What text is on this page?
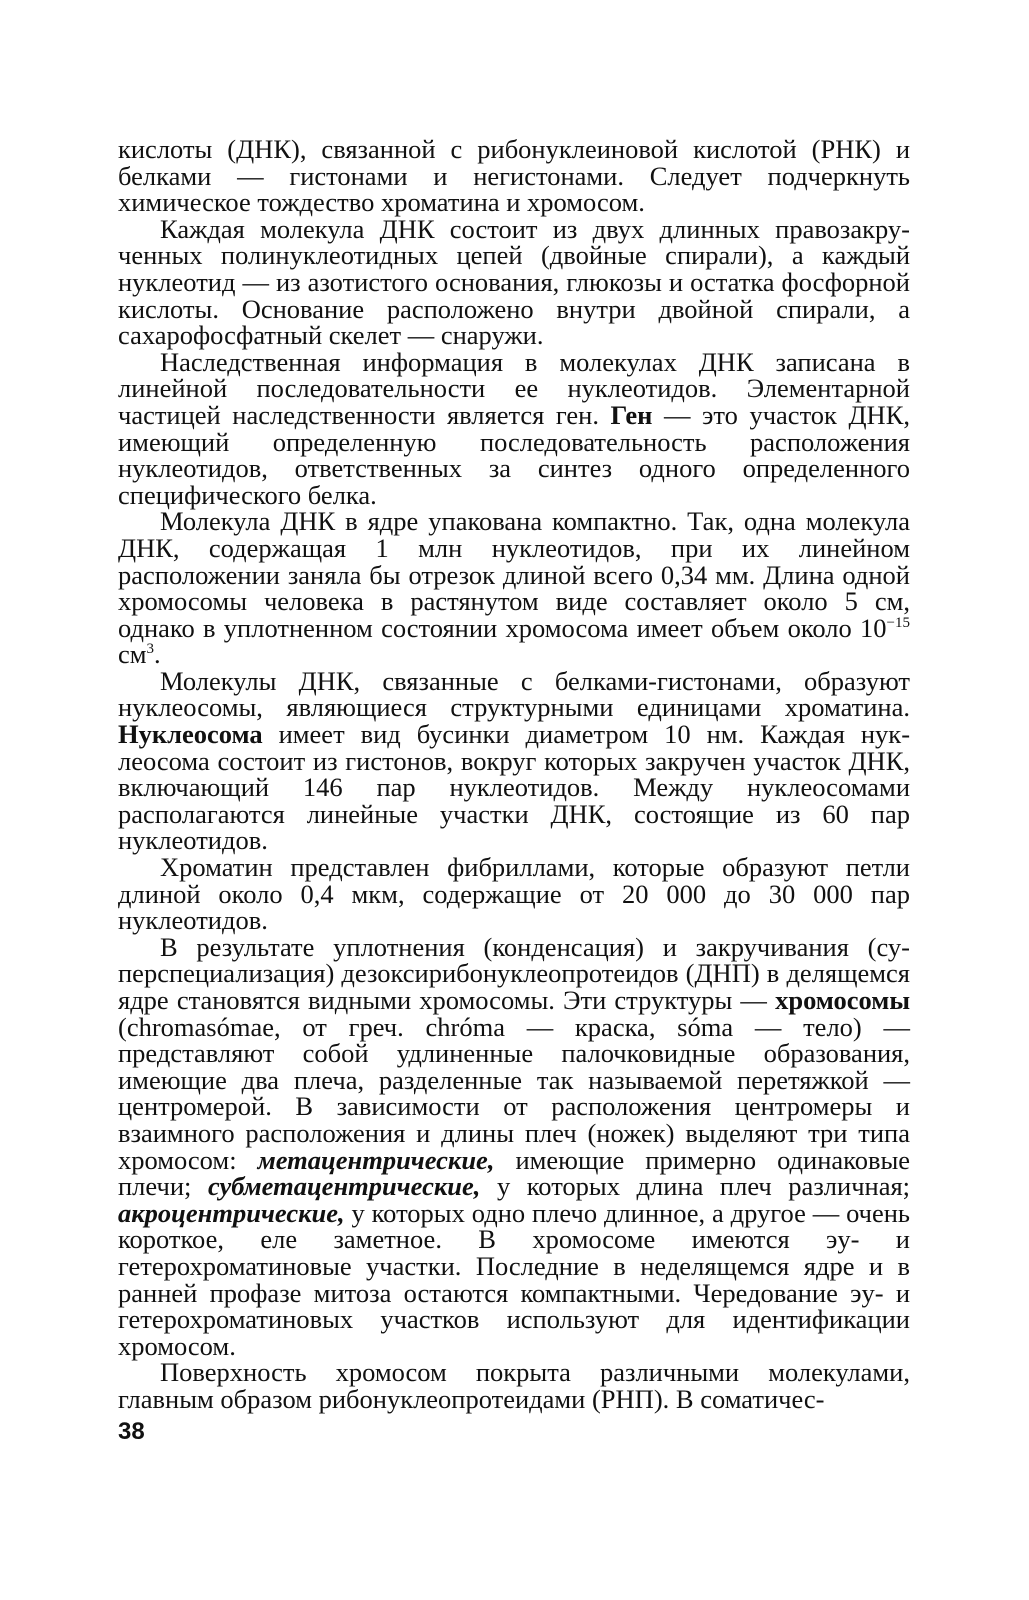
кислоты (ДНК), связанной с рибонуклеиновой кислотой (РНК) и белками — гистонами и негистонами. Следует подчеркнуть химическое тождество хроматина и хромосом.

Каждая молекула ДНК состоит из двух длинных правозакрученных полинуклеотидных цепей (двойные спирали), а каждый нуклеотид — из азотистого основания, глюкозы и остатка фосфорной кислоты. Основание расположено внутри двойной спирали, а сахарофосфатный скелет — снаружи.

Наследственная информация в молекулах ДНК записана в линейной последовательности ее нуклеотидов. Элементарной частицей наследственности является ген. Ген — это участок ДНК, имеющий определенную последовательность расположения нуклеотидов, ответственных за синтез одного определенного специфического белка.

Молекула ДНК в ядре упакована компактно. Так, одна молекула ДНК, содержащая 1 млн нуклеотидов, при их линейном расположении заняла бы отрезок длиной всего 0,34 мм. Длина одной хромосомы человека в растянутом виде составляет около 5 см, однако в уплотненном состоянии хромосома имеет объем около $10^{-15}$ $см^3$.

Молекулы ДНК, связанные с белками-гистонами, образуют нуклеосомы, являющиеся структурными единицами хроматина. Нуклеосома имеет вид бусинки диаметром 10 нм. Каждая нуклеосома состоит из гистонов, вокруг которых закручен участок ДНК, включающий 146 пар нуклеотидов. Между нуклеосомами располагаются линейные участки ДНК, состоящие из 60 пар нуклеотидов.

Хроматин представлен фибриллами, которые образуют петли длиной около 0,4 мкм, содержащие от 20 000 до 30 000 пар нуклеотидов.

В результате уплотнения (конденсация) и закручивания (суперспециализация) дезоксирибонуклеопротеидов (ДНП) в делящемся ядре становятся видными хромосомы. Эти структуры — хромосомы (chromasómae, от греч. chróma — краска, sóma — тело) — представляют собой удлиненные палочковидные образования, имеющие два плеча, разделенные так называемой перетяжкой — центромерой. В зависимости от расположения центромеры и взаимного расположения и длины плеч (ножек) выделяют три типа хромосом: метацентрические, имеющие примерно одинаковые плечи; субметацентрические, у которых длина плеч различная; акроцентрические, у которых одно плечо длинное, а другое — очень короткое, еле заметное. В хромосоме имеются эу- и гетерохроматиновые участки. Последние в неделящемся ядре и в ранней профазе митоза остаются компактными. Чередование эу- и гетерохроматиновых участков используют для идентификации хромосом.

Поверхность хромосом покрыта различными молекулами, главным образом рибонуклеопротеидами (РНП). В соматичес-

38
